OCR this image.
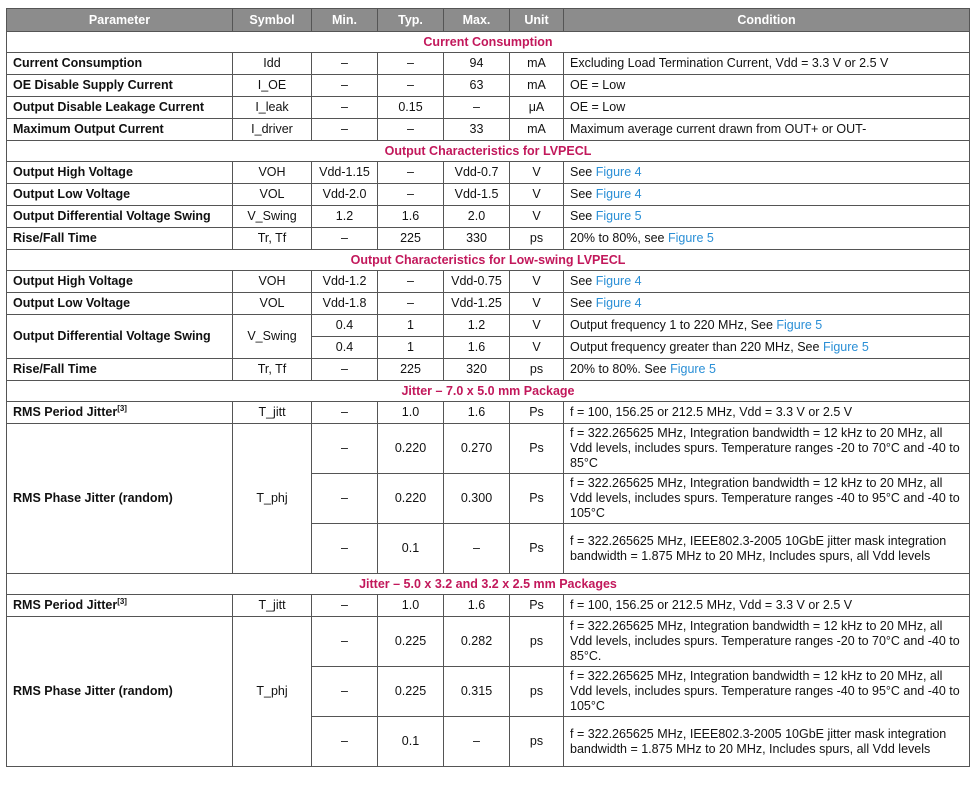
Parameter	Symbol	Min.	Typ.	Max.	Unit	Condition
Current Consumption						
Current Consumption	Idd	–	–	94	mA	Excluding Load Termination Current, Vdd = 3.3 V or 2.5 V
OE Disable Supply Current	I_OE	–	–	63	mA	OE = Low
Output Disable Leakage Current	I_leak	–	0.15	–	μA	OE = Low
Maximum Output Current	I_driver	–	–	33	mA	Maximum average current drawn from OUT+ or OUT-
Output Characteristics for LVPECL						
Output High Voltage	VOH	Vdd-1.15	–	Vdd-0.7	V	See Figure 4
Output Low Voltage	VOL	Vdd-2.0	–	Vdd-1.5	V	See Figure 4
Output Differential Voltage Swing	V_Swing	1.2	1.6	2.0	V	See Figure 5
Rise/Fall Time	Tr, Tf	–	225	330	ps	20% to 80%, see Figure 5
Output Characteristics for Low-swing LVPECL						
Output High Voltage	VOH	Vdd-1.2	–	Vdd-0.75	V	See Figure 4
Output Low Voltage	VOL	Vdd-1.8	–	Vdd-1.25	V	See Figure 4
Output Differential Voltage Swing	V_Swing	0.4	1	1.2	V	Output frequency 1 to 220 MHz, See Figure 5
		0.4	1	1.6	V	Output frequency greater than 220 MHz, See Figure 5
Rise/Fall Time	Tr, Tf	–	225	320	ps	20% to 80%. See Figure 5
Jitter – 7.0 x 5.0 mm Package						
RMS Period Jitter[3]	T_jitt	–	1.0	1.6	Ps	f = 100, 156.25 or 212.5 MHz, Vdd = 3.3 V or 2.5 V
RMS Phase Jitter (random)	T_phj	–	0.220	0.270	Ps	f = 322.265625 MHz, Integration bandwidth = 12 kHz to 20 MHz, all Vdd levels, includes spurs. Temperature ranges -20 to 70°C and -40 to 85°C
		–	0.220	0.300	Ps	f = 322.265625 MHz, Integration bandwidth = 12 kHz to 20 MHz, all Vdd levels, includes spurs. Temperature ranges -40 to 95°C and -40 to 105°C
		–	0.1	–	Ps	f = 322.265625 MHz, IEEE802.3-2005 10GbE jitter mask integration bandwidth = 1.875 MHz to 20 MHz, Includes spurs, all Vdd levels
Jitter – 5.0 x 3.2 and 3.2 x 2.5 mm Packages						
RMS Period Jitter[3]	T_jitt	–	1.0	1.6	Ps	f = 100, 156.25 or 212.5 MHz, Vdd = 3.3 V or 2.5 V
RMS Phase Jitter (random)	T_phj	–	0.225	0.282	ps	f = 322.265625 MHz, Integration bandwidth = 12 kHz to 20 MHz, all Vdd levels, includes spurs. Temperature ranges -20 to 70°C and -40 to 85°C.
		–	0.225	0.315	ps	f = 322.265625 MHz, Integration bandwidth = 12 kHz to 20 MHz, all Vdd levels, includes spurs. Temperature ranges -40 to 95°C and -40 to 105°C
		–	0.1	–	ps	f = 322.265625 MHz, IEEE802.3-2005 10GbE jitter mask integration bandwidth = 1.875 MHz to 20 MHz, Includes spurs, all Vdd levels
